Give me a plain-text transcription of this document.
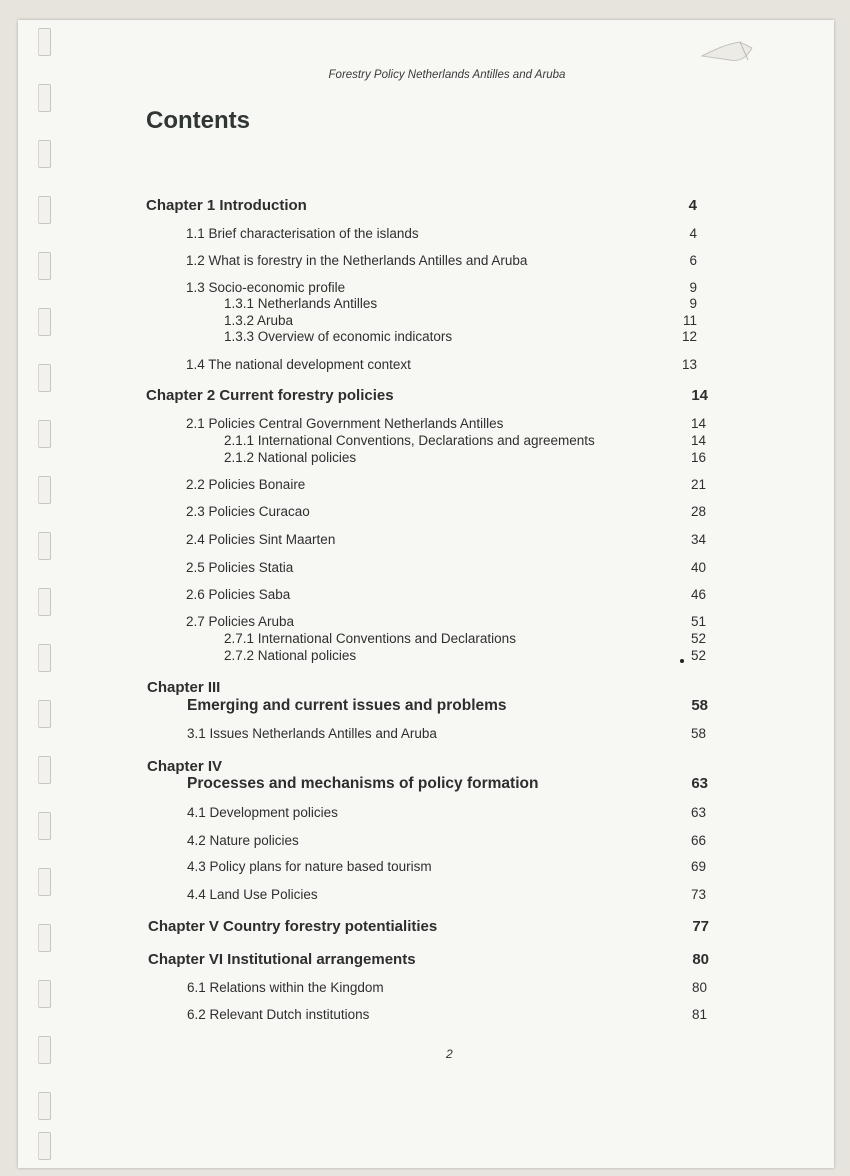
Forestry Policy Netherlands Antilles and Aruba
Contents
Chapter 1 Introduction	4
1.1 Brief characterisation of the islands	4
1.2 What is forestry in the Netherlands Antilles and Aruba	6
1.3 Socio-economic profile	9
1.3.1 Netherlands Antilles	9
1.3.2 Aruba	11
1.3.3 Overview of economic indicators	12
1.4 The national development context	13
Chapter 2 Current forestry policies	14
2.1 Policies Central Government Netherlands Antilles	14
2.1.1 International Conventions, Declarations and agreements	14
2.1.2 National policies	16
2.2 Policies Bonaire	21
2.3 Policies Curacao	28
2.4 Policies Sint Maarten	34
2.5 Policies Statia	40
2.6 Policies Saba	46
2.7 Policies Aruba	51
2.7.1 International Conventions and Declarations	52
2.7.2 National policies	52
Chapter III
Emerging and current issues and problems	58
3.1 Issues Netherlands Antilles and Aruba	58
Chapter IV
Processes and mechanisms of policy formation	63
4.1 Development policies	63
4.2 Nature policies	66
4.3 Policy plans for nature based tourism	69
4.4 Land Use Policies	73
Chapter V Country forestry potentialities	77
Chapter VI Institutional arrangements	80
6.1 Relations within the Kingdom	80
6.2 Relevant Dutch institutions	81
2
